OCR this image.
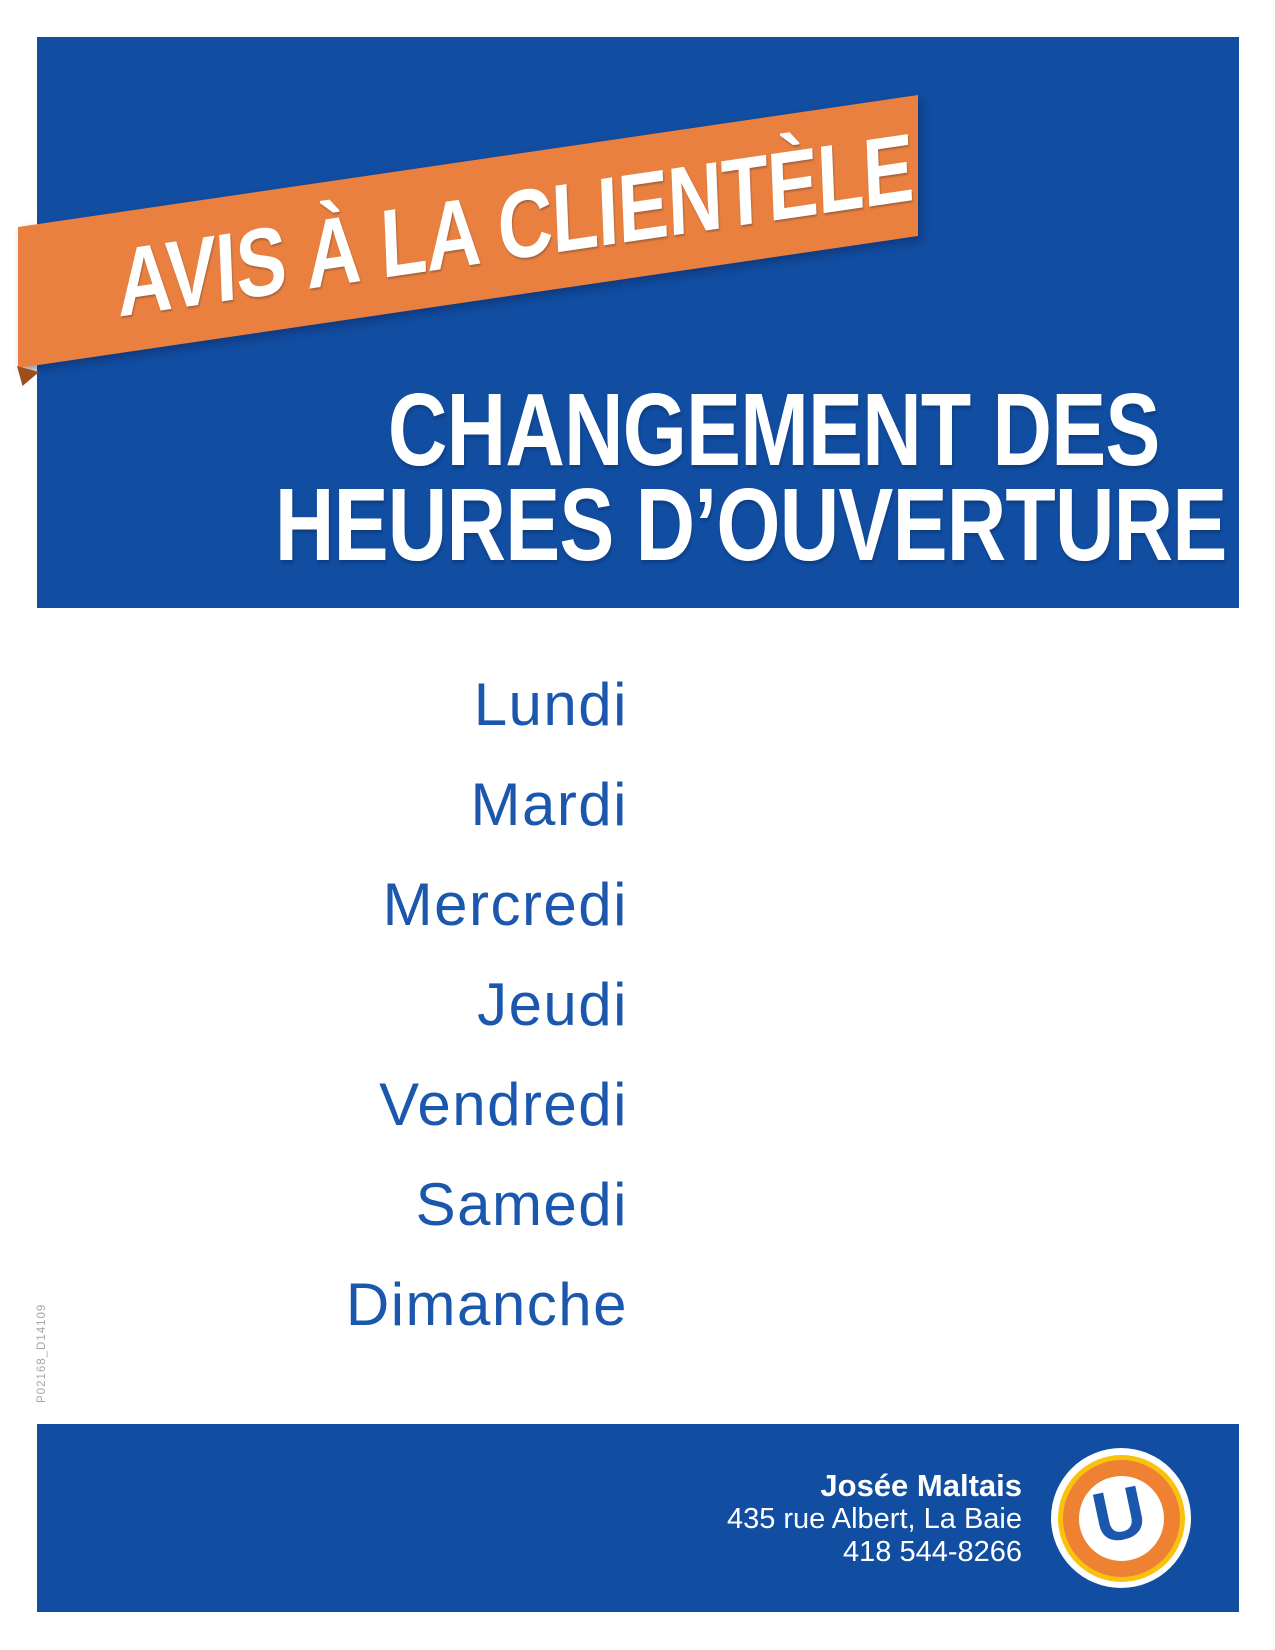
AVIS À LA CLIENTÈLE
CHANGEMENT DES
HEURES D’OUVERTURE
Lundi
Mardi
Mercredi
Jeudi
Vendredi
Samedi
Dimanche
P02168_D14109
Josée Maltais
435 rue Albert, La Baie
418 544-8266 U
